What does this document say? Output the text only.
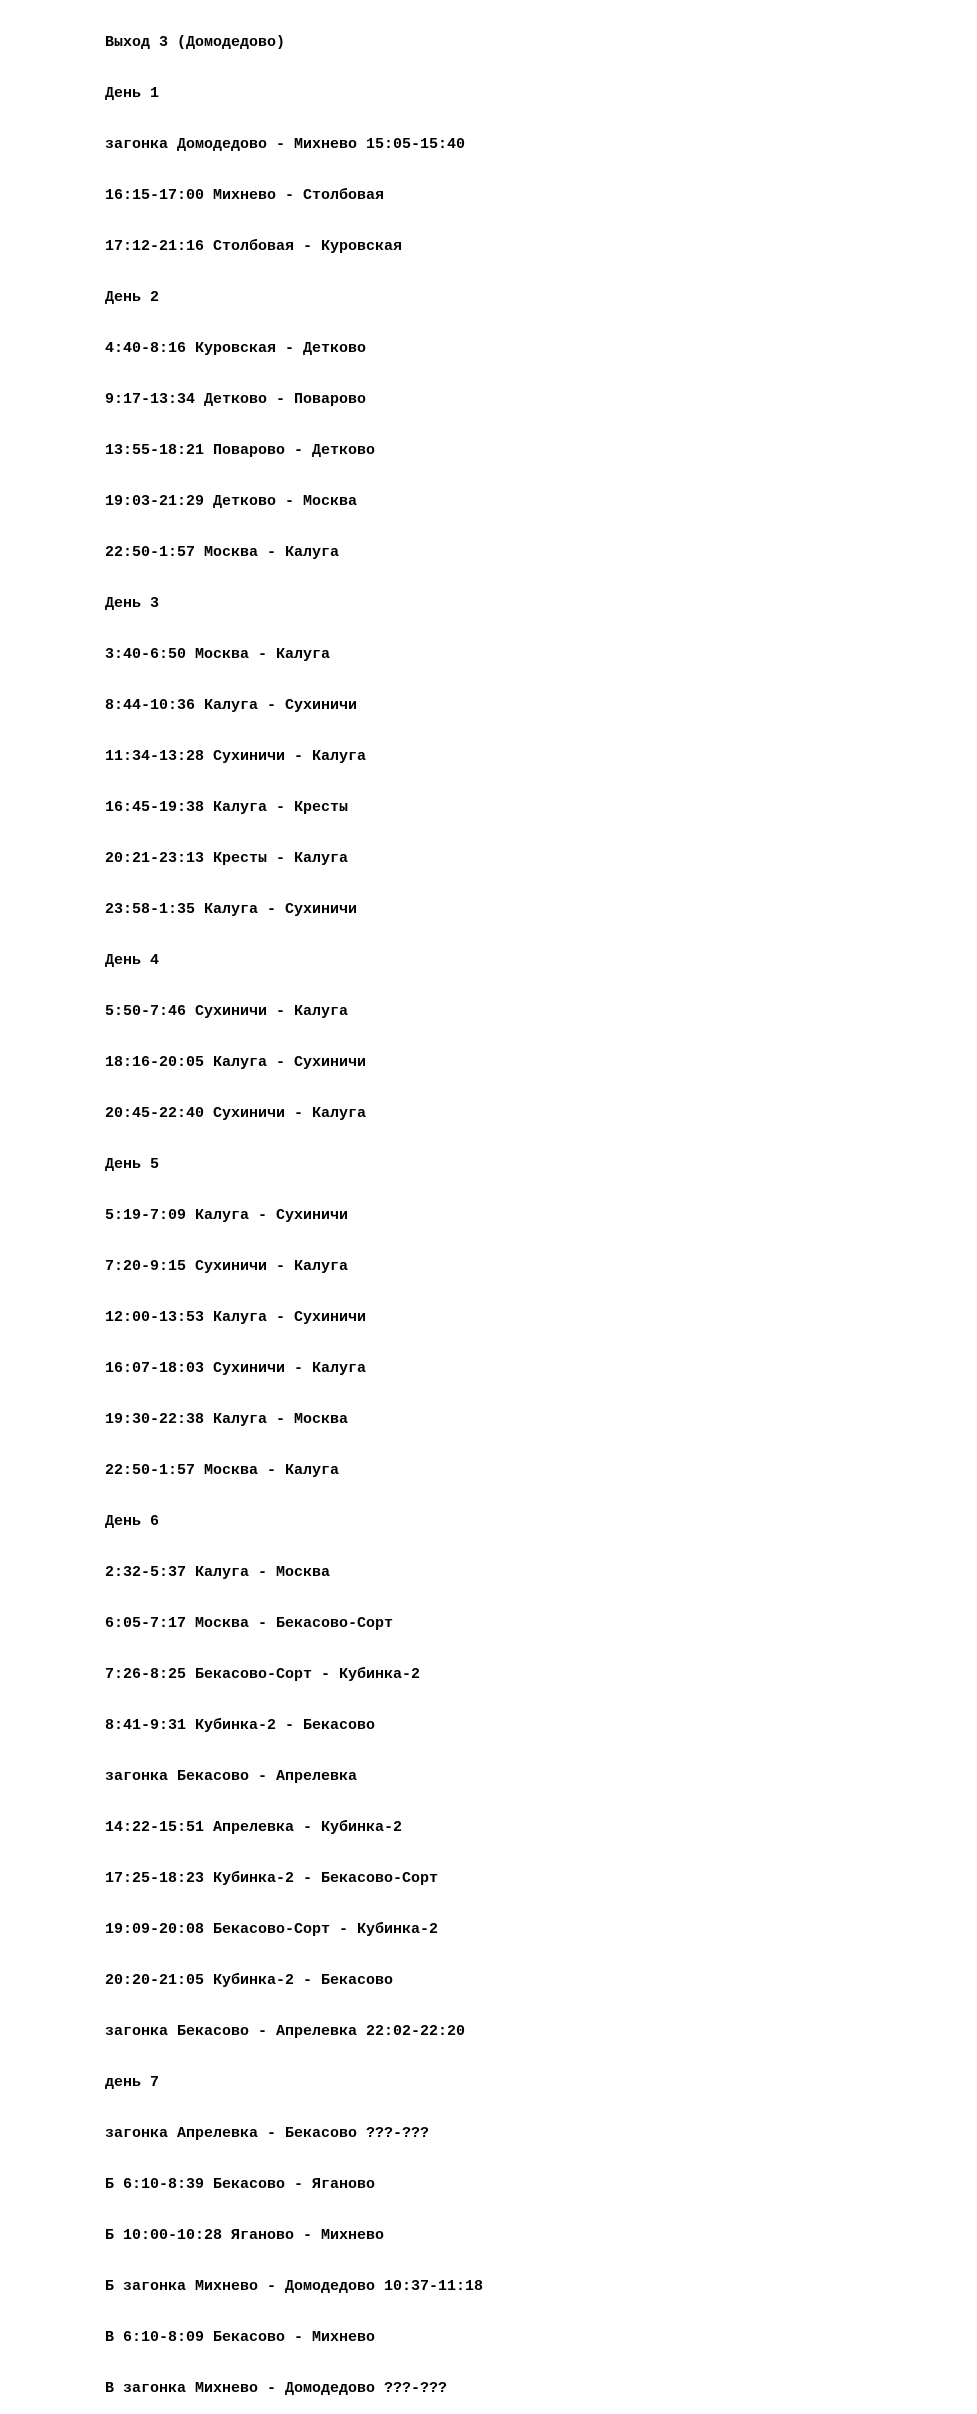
Выход 3 (Домодедово)

День 1

зaгонка Домодедово - Михнево 15:05-15:40

16:15-17:00 Михнево - Столбовая

17:12-21:16 Столбовая - Куровская

День 2

4:40-8:16 Куровская - Детково

9:17-13:34 Детково - Поварово

13:55-18:21 Поварово - Детково

19:03-21:29 Детково - Москва

22:50-1:57 Москва - Калуга

День 3

3:40-6:50 Москва - Калуга

8:44-10:36 Калуга - Сухиничи

11:34-13:28 Сухиничи - Калуга

16:45-19:38 Калуга - Кресты

20:21-23:13 Кресты - Калуга

23:58-1:35 Калуга - Сухиничи

День 4

5:50-7:46 Сухиничи - Калуга

18:16-20:05 Калуга - Сухиничи

20:45-22:40 Сухиничи - Калуга

День 5

5:19-7:09 Калуга - Сухиничи

7:20-9:15 Сухиничи - Калуга

12:00-13:53 Калуга - Сухиничи

16:07-18:03 Сухиничи - Калуга

19:30-22:38 Калуга - Москва

22:50-1:57 Москва - Калуга

День 6

2:32-5:37 Калуга - Москва

6:05-7:17 Москва - Бекасово-Сорт

7:26-8:25 Бекасово-Сорт - Кубинка-2

8:41-9:31 Кубинка-2 - Бекасово

зaгонка Бекасово - Апрелевка

14:22-15:51 Апрелевка - Кубинка-2

17:25-18:23 Кубинка-2 - Бекасово-Сорт

19:09-20:08 Бекасово-Сорт - Кубинка-2

20:20-21:05 Кубинка-2 - Бекасово

зaгонка Бекасово - Апрелевка 22:02-22:20

день 7

зaгонка Апрелевка - Бекасово ???-???

Б 6:10-8:39 Бекасово - Яганово

Б 10:00-10:28 Яганово - Михнево

Б зaгонка Михнево - Домодедово 10:37-11:18

В 6:10-8:09 Бекасово - Михнево

В зaгонка Михнево - Домодедово ???-???
